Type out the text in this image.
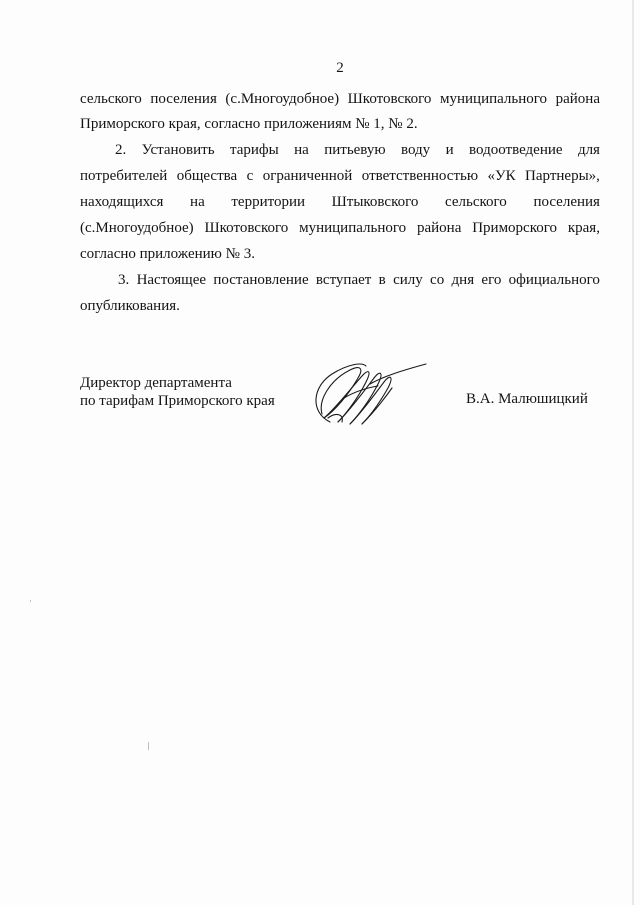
2
сельского поселения (с.Многоудобное) Шкотовского муниципального района
Приморского края, согласно приложениям № 1, № 2.
2. Установить тарифы на питьевую воду и водоотведение для
потребителей общества с ограниченной ответственностью «УК Партнеры»,
находящихся на территории Штыковского сельского поселения
(с.Многоудобное) Шкотовского муниципального района Приморского края,
согласно приложению № 3.
3. Настоящее постановление вступает в силу со дня его официального
опубликования.
Директор департамента
по тарифам Приморского края	В.А. Малюшицкий
